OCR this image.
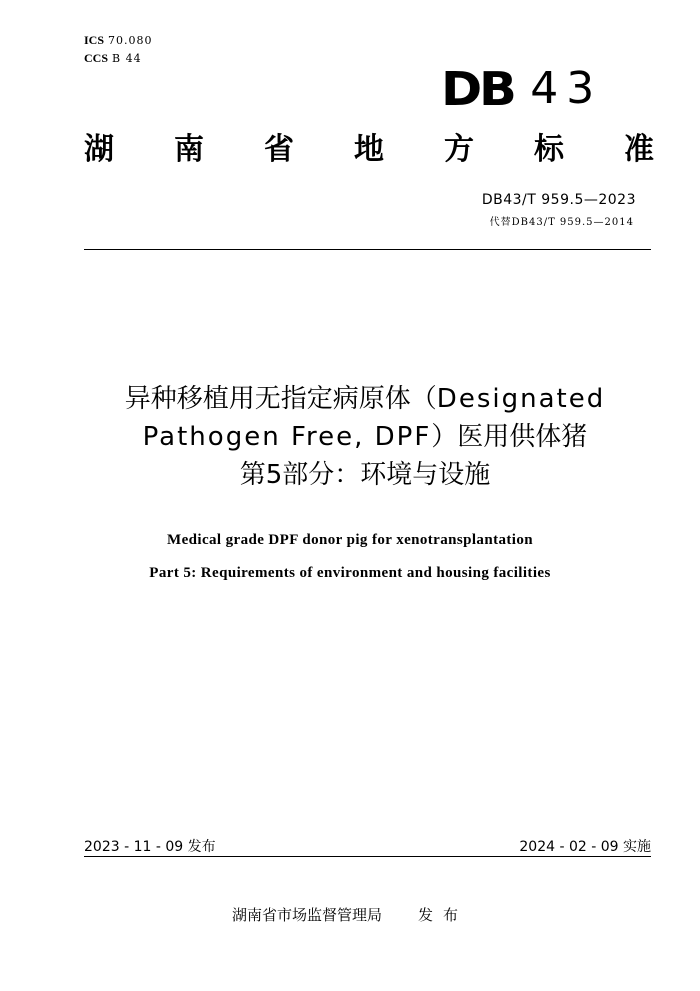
ICS 70.080
CCS B 44
DB 43
湖 南 省 地 方 标 准
DB43/T 959.5—2023
代替DB43/T 959.5—2014
异种移植用无指定病原体（Designated
Pathogen Free, DPF）医用供体猪
第5部分：环境与设施
Medical grade DPF donor pig for xenotransplantation
Part 5: Requirements of environment and housing facilities
2023 - 11 - 09 发布	2024 - 02 - 09 实施
湖南省市场监督管理局 发布
